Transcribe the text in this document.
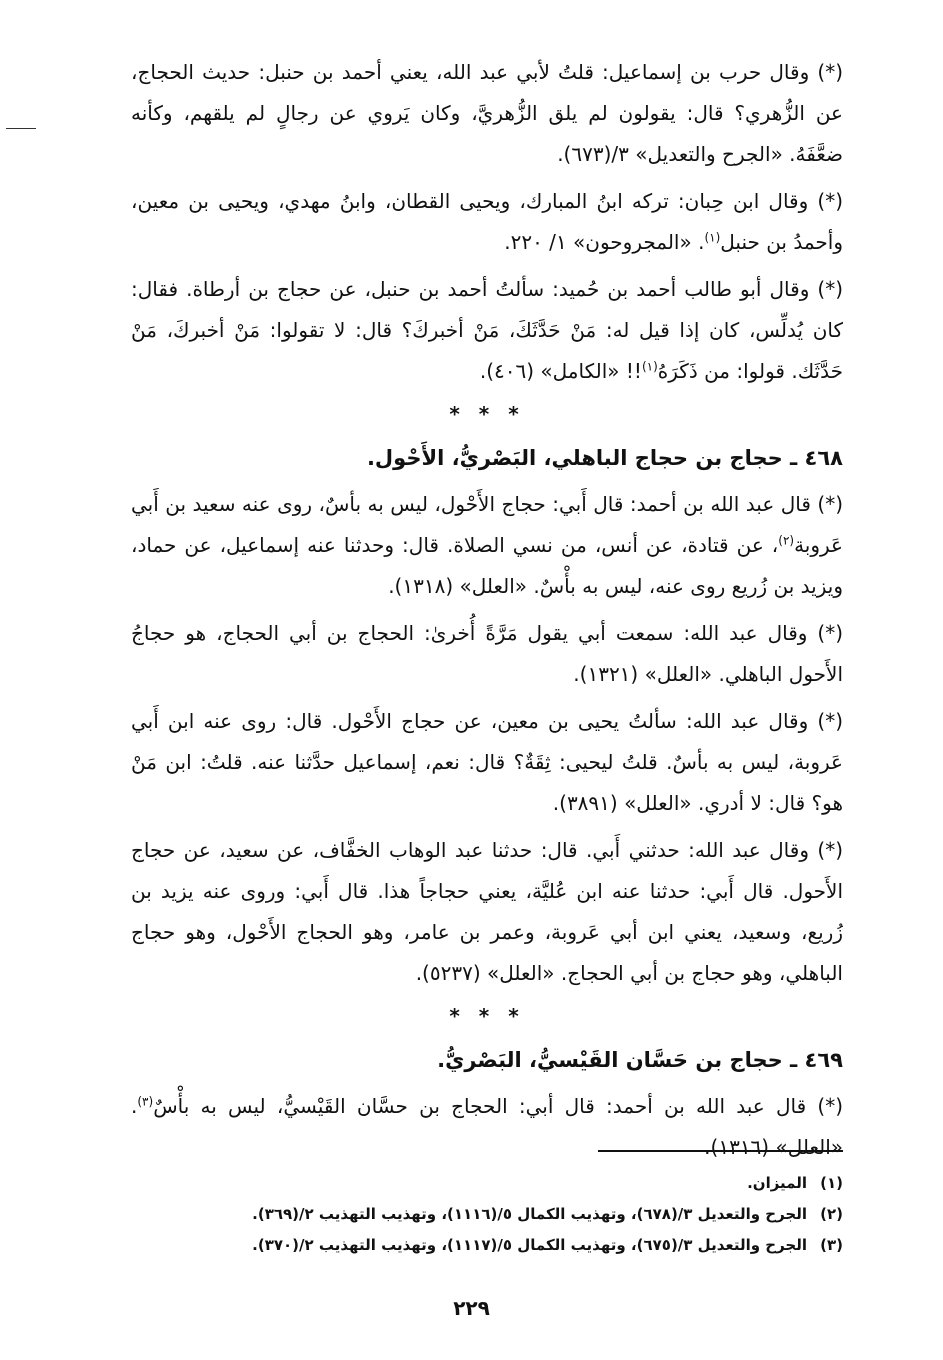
(*) وقال حرب بن إسماعيل: قلتُ لأبي عبد الله، يعني أحمد بن حنبل: حديث الحجاج، عن الزُّهري؟ قال: يقولون لم يلق الزُّهريَّ، وكان يَروي عن رجالٍ لم يلقهم، وكأنه ضعَّفَهُ. «الجرح والتعديل» ٣/(٦٧٣).

(*) وقال ابن حِبان: تركه ابنُ المبارك، ويحيى القطان، وابنُ مهدي، ويحيى بن معين، وأحمدُ بن حنبل$^{(١)}$. «المجروحون» ١/ ٢٢٠.

(*) وقال أبو طالب أحمد بن حُميد: سألتُ أحمد بن حنبل، عن حجاج بن أرطاة. فقال: كان يُدلِّس، كان إذا قيل له: مَنْ حَدَّثَكَ، مَنْ أخبركَ؟ قال: لا تقولوا: مَنْ أخبركَ، مَنْ حَدَّثَك. قولوا: من ذَكَرَهُ$^{(١)}$!! «الكامل» (٤٠٦).

* * *
٤٦٨ ـ حجاج بن حجاج الباهلي، البَصْريُّ، الأَحْول.

(*) قال عبد الله بن أحمد: قال أَبي: حجاج الأَحْول، ليس به بأسٌ، روى عنه سعيد بن أَبي عَروبة$^{(٢)}$، عن قتادة، عن أنس، من نسي الصلاة. قال: وحدثنا عنه إسماعيل، عن حماد، ويزيد بن زُريع روى عنه، ليس به بأْسٌ. «العلل» (١٣١٨).

(*) وقال عبد الله: سمعت أبي يقول مَرَّةً أُخرىٰ: الحجاج بن أبي الحجاج، هو حجاجُ الأَحول الباهلي. «العلل» (١٣٢١).

(*) وقال عبد الله: سألتُ يحيى بن معين، عن حجاج الأَحْول. قال: روى عنه ابن أَبي عَروبة، ليس به بأسٌ. قلتُ ليحيى: ثِقَةٌ؟ قال: نعم، إسماعيل حدَّثنا عنه. قلتُ: ابن مَنْ هو؟ قال: لا أدري. «العلل» (٣٨٩١).

(*) وقال عبد الله: حدثني أَبي. قال: حدثنا عبد الوهاب الخفَّاف، عن سعيد، عن حجاج الأَحول. قال أَبي: حدثنا عنه ابن عُليَّة، يعني حجاجاً هذا. قال أَبي: وروى عنه يزيد بن زُريع، وسعيد، يعني ابن أبي عَروبة، وعمر بن عامر، وهو الحجاج الأَحْول، وهو حجاج الباهلي، وهو حجاج بن أبي الحجاج. «العلل» (٥٢٣٧).

* * *
٤٦٩ ـ حجاج بن حَسَّان القَيْسيُّ، البَصْريُّ.

(*) قال عبد الله بن أحمد: قال أبي: الحجاج بن حسَّان القَيْسيُّ، ليس به بأْسٌ$^{(٣)}$. «العلل» (١٣١٦).

(١)الميزان.

(٢)الجرح والتعديل ٣/(٦٧٨)، وتهذيب الكمال ٥/(١١١٦)، وتهذيب التهذيب ٢/(٣٦٩).

(٣)الجرح والتعديل ٣/(٦٧٥)، وتهذيب الكمال ٥/(١١١٧)، وتهذيب التهذيب ٢/(٣٧٠).

٢٢٩
